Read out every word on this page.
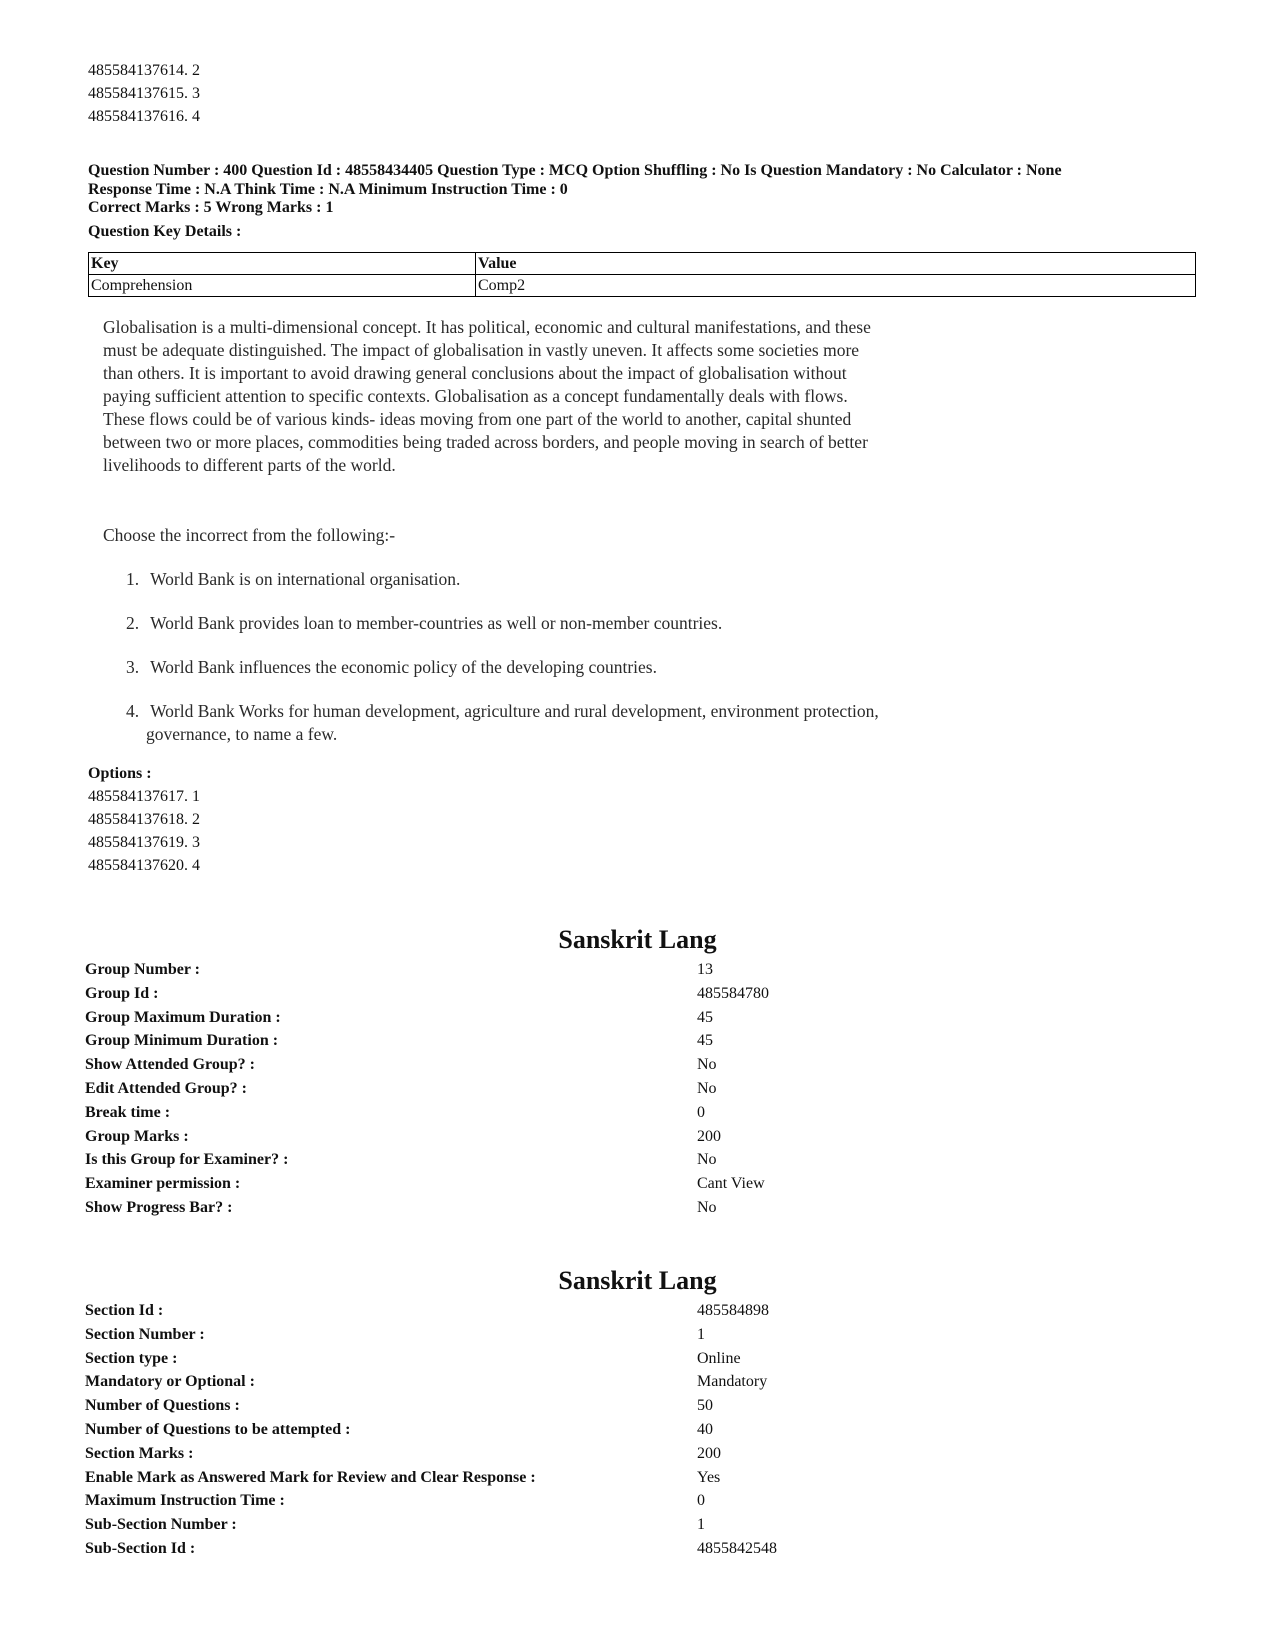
485584137614. 2
485584137615. 3
485584137616. 4
Question Number : 400 Question Id : 48558434405 Question Type : MCQ Option Shuffling : No Is Question Mandatory : No Calculator : None
Response Time : N.A Think Time : N.A Minimum Instruction Time : 0
Correct Marks : 5 Wrong Marks : 1
Question Key Details :
Key	Value
Comprehension	Comp2
Globalisation is a multi-dimensional concept. It has political, economic and cultural manifestations, and these
must be adequate distinguished. The impact of globalisation in vastly uneven. It affects some societies more
than others. It is important to avoid drawing general conclusions about the impact of globalisation without
paying sufficient attention to specific contexts. Globalisation as a concept fundamentally deals with flows.
These flows could be of various kinds- ideas moving from one part of the world to another, capital shunted
between two or more places, commodities being traded across borders, and people moving in search of better
livelihoods to different parts of the world.
Choose the incorrect from the following:-
1. World Bank is on international organisation.
2. World Bank provides loan to member-countries as well or non-member countries.
3. World Bank influences the economic policy of the developing countries.
4. World Bank Works for human development, agriculture and rural development, environment protection,
governance, to name a few.
Options :
485584137617. 1
485584137618. 2
485584137619. 3
485584137620. 4
Sanskrit Lang
Group Number :	13
Group Id :	485584780
Group Maximum Duration :	45
Group Minimum Duration :	45
Show Attended Group? :	No
Edit Attended Group? :	No
Break time :	0
Group Marks :	200
Is this Group for Examiner? :	No
Examiner permission :	Cant View
Show Progress Bar? :	No
Sanskrit Lang
Section Id :	485584898
Section Number :	1
Section type :	Online
Mandatory or Optional :	Mandatory
Number of Questions :	50
Number of Questions to be attempted :	40
Section Marks :	200
Enable Mark as Answered Mark for Review and Clear Response :	Yes
Maximum Instruction Time :	0
Sub-Section Number :	1
Sub-Section Id :	4855842548
